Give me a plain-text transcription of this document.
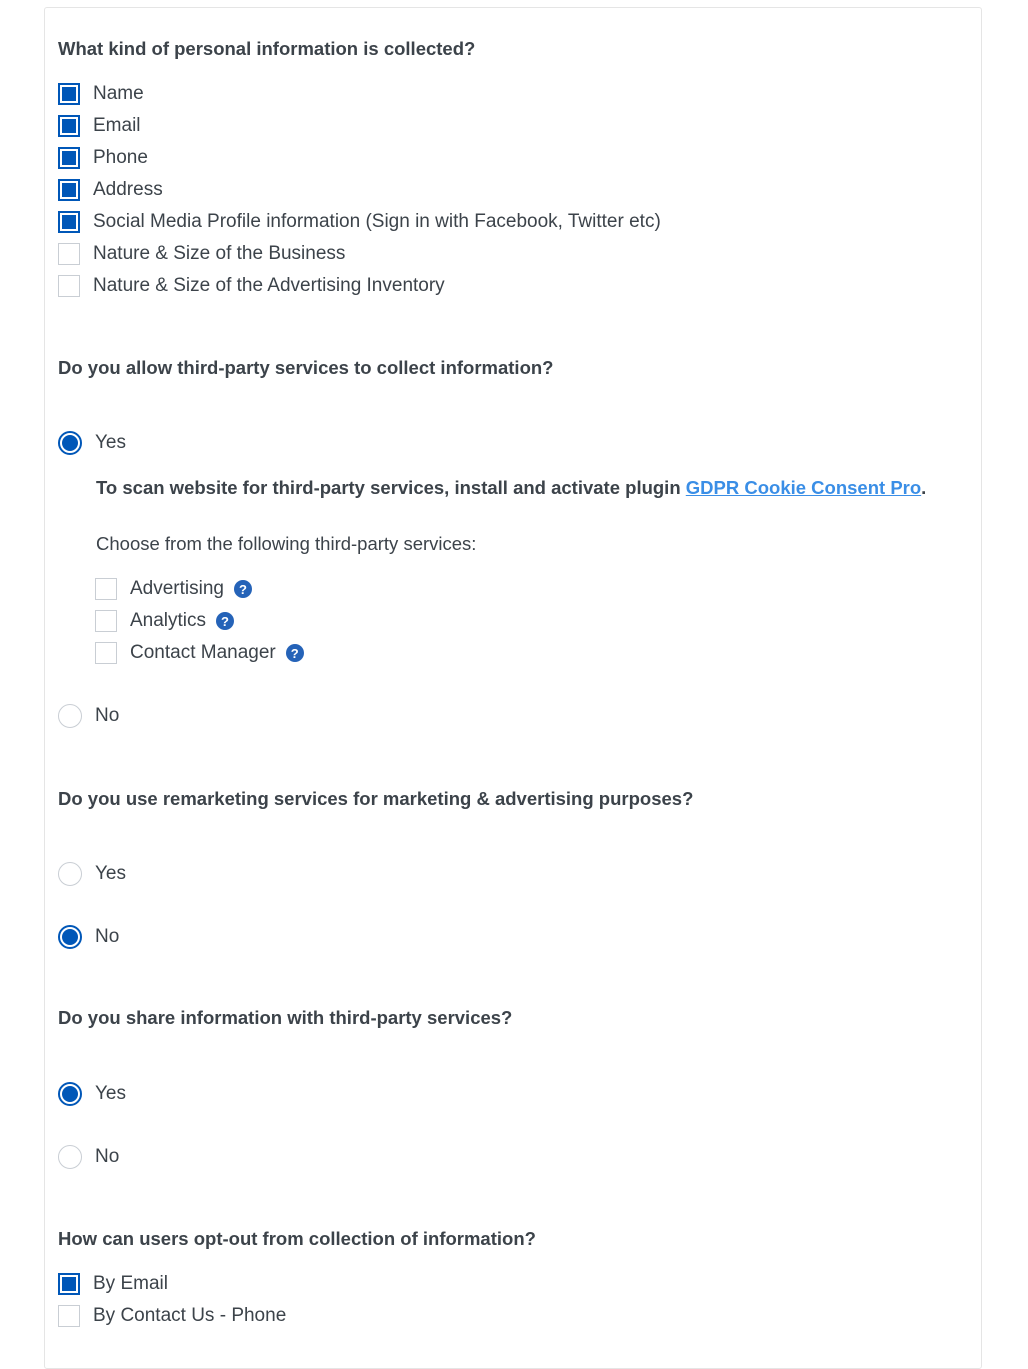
What kind of personal information is collected?
Name
Email
Phone
Address
Social Media Profile information (Sign in with Facebook, Twitter etc)
Nature & Size of the Business
Nature & Size of the Advertising Inventory
Do you allow third-party services to collect information?
Yes
To scan website for third-party services, install and activate plugin GDPR Cookie Consent Pro.
Choose from the following third-party services:
Advertising	?
Analytics	?
Contact Manager	?
No
Do you use remarketing services for marketing & advertising purposes?
Yes
No
Do you share information with third-party services?
Yes
No
How can users opt-out from collection of information?
By Email
By Contact Us - Phone
